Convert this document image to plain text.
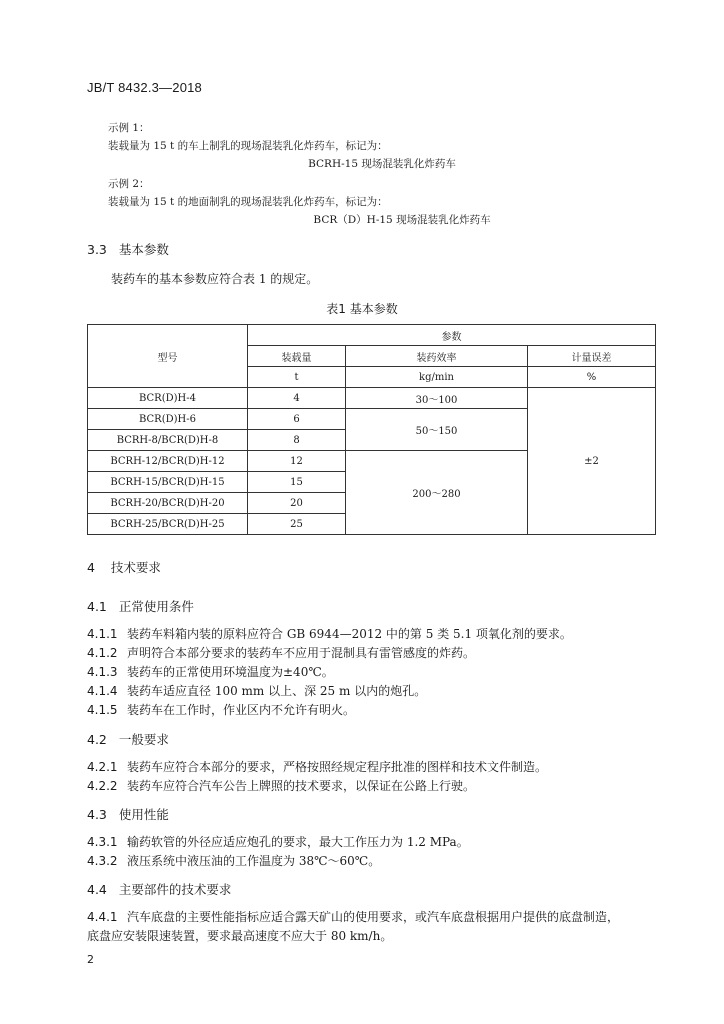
JB/T 8432.3—2018
示例 1：
装载量为 15 t 的车上制乳的现场混装乳化炸药车，标记为：
BCRH-15 现场混装乳化炸药车
示例 2：
装载量为 15 t 的地面制乳的现场混装乳化炸药车，标记为：
BCR（D）H-15 现场混装乳化炸药车
3.3 基本参数
装药车的基本参数应符合表 1 的规定。
表1 基本参数
型号	参数		
	装载量	装药效率	计量误差
	t	kg/min	%
BCR(D)H-4	4	30～100	±2
BCR(D)H-6	6	50～150	
BCRH-8/BCR(D)H-8	8		
BCRH-12/BCR(D)H-12	12	200～280	
BCRH-15/BCR(D)H-15	15		
BCRH-20/BCR(D)H-20	20		
BCRH-25/BCR(D)H-25	25		
4 技术要求
4.1 正常使用条件
4.1.1 装药车料箱内装的原料应符合 GB 6944—2012 中的第 5 类 5.1 项氧化剂的要求。
4.1.2 声明符合本部分要求的装药车不应用于混制具有雷管感度的炸药。
4.1.3 装药车的正常使用环境温度为±40℃。
4.1.4 装药车适应直径 100 mm 以上、深 25 m 以内的炮孔。
4.1.5 装药车在工作时，作业区内不允许有明火。
4.2 一般要求
4.2.1 装药车应符合本部分的要求，严格按照经规定程序批准的图样和技术文件制造。
4.2.2 装药车应符合汽车公告上牌照的技术要求，以保证在公路上行驶。
4.3 使用性能
4.3.1 输药软管的外径应适应炮孔的要求，最大工作压力为 1.2 MPa。
4.3.2 液压系统中液压油的工作温度为 38℃～60℃。
4.4 主要部件的技术要求
4.4.1 汽车底盘的主要性能指标应适合露天矿山的使用要求，或汽车底盘根据用户提供的底盘制造，
底盘应安装限速装置，要求最高速度不应大于 80 km/h。
2
